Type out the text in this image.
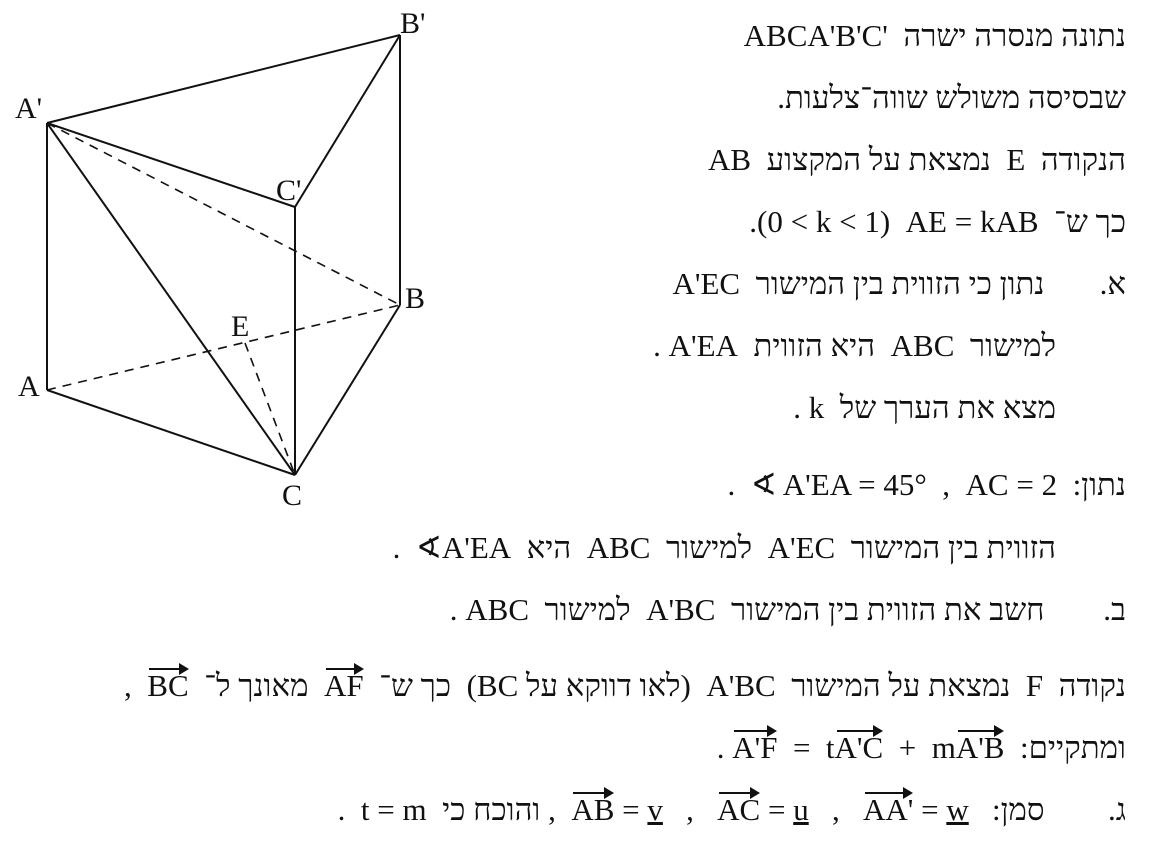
B'
A'
C'
B
E
A
C
נתונה מנסרה ישרה  ABCA'B'C'
שבסיסה משולש שווה־צלעות.
הנקודה  E  נמצאת על המקצוע  AB
כך ש־  AE = kAB  (0 < k < 1).
א.  נתון כי הזווית בין המישור  A'EC
למישור  ABC  היא הזווית  A'EA .
מצא את הערך של  k .
נתון:  AC = 2  ,  ∢ A'EA = 45°  .
הזווית בין המישור  A'EC  למישור  ABC  היא  ∢A'EA  .
ב.  חשב את הזווית בין המישור  A'BC  למישור  ABC .
נקודה  F  נמצאת על המישור  A'BC  (לאו דווקא על BC)  כך ש־  AF  מאונך ל־  BC  ,
ומתקיים:  A'F = tA'C + mA'B .
ג.  סמן:   AA' = w   ,   AC = u   ,   AB = v  , והוכח כי  t = m  .
